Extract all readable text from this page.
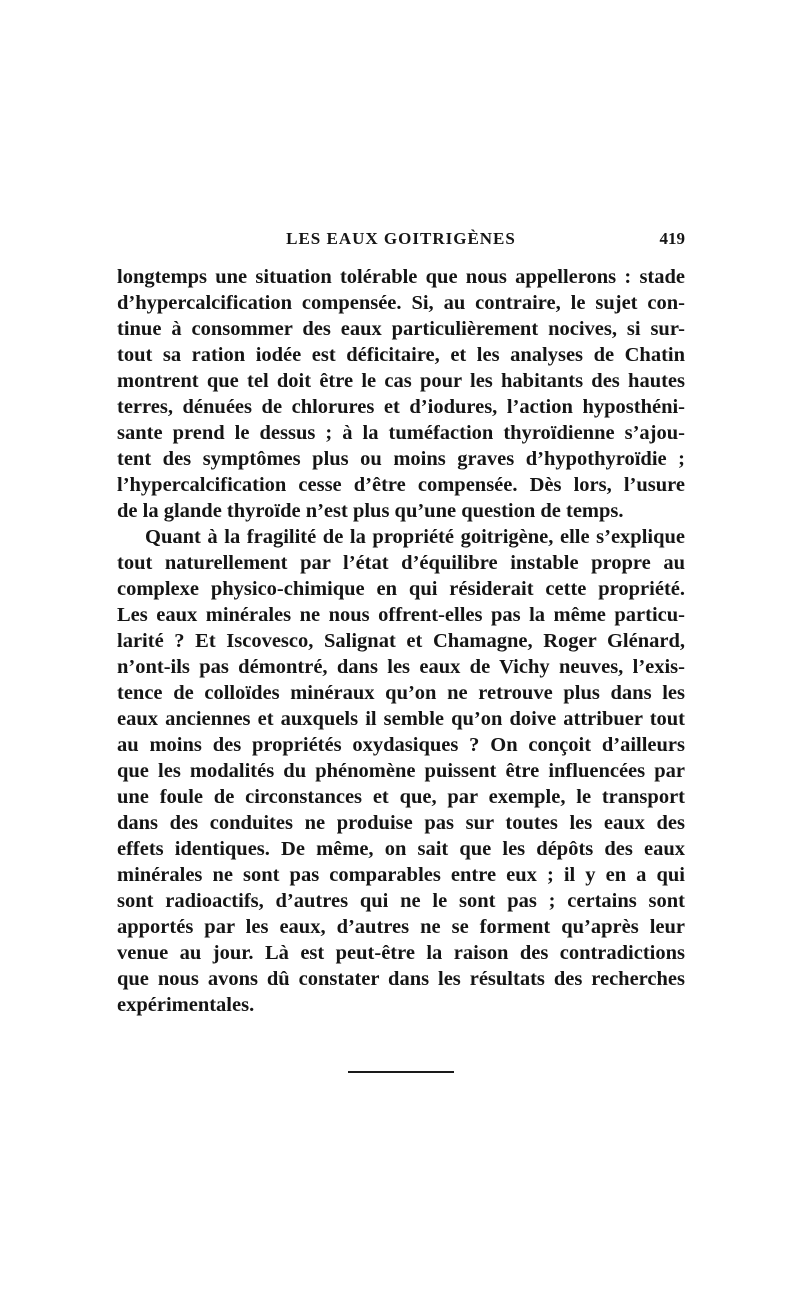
LES EAUX GOITRIGÈNES	419
longtemps une situation tolérable que nous appellerons : stade
d’hypercalcification compensée. Si, au contraire, le sujet con-
tinue à consommer des eaux particulièrement nocives, si sur-
tout sa ration iodée est déficitaire, et les analyses de Chatin
montrent que tel doit être le cas pour les habitants des hautes
terres, dénuées de chlorures et d’iodures, l’action hyposthéni-
sante prend le dessus ; à la tuméfaction thyroïdienne s’ajou-
tent des symptômes plus ou moins graves d’hypothyroïdie ;
l’hypercalcification cesse d’être compensée. Dès lors, l’usure
de la glande thyroïde n’est plus qu’une question de temps.
Quant à la fragilité de la propriété goitrigène, elle s’explique
tout naturellement par l’état d’équilibre instable propre au
complexe physico-chimique en qui résiderait cette propriété.
Les eaux minérales ne nous offrent-elles pas la même particu-
larité ? Et Iscovesco, Salignat et Chamagne, Roger Glénard,
n’ont-ils pas démontré, dans les eaux de Vichy neuves, l’exis-
tence de colloïdes minéraux qu’on ne retrouve plus dans les
eaux anciennes et auxquels il semble qu’on doive attribuer tout
au moins des propriétés oxydasiques ? On conçoit d’ailleurs
que les modalités du phénomène puissent être influencées par
une foule de circonstances et que, par exemple, le transport
dans des conduites ne produise pas sur toutes les eaux des
effets identiques. De même, on sait que les dépôts des eaux
minérales ne sont pas comparables entre eux ; il y en a qui
sont radioactifs, d’autres qui ne le sont pas ; certains sont
apportés par les eaux, d’autres ne se forment qu’après leur
venue au jour. Là est peut-être la raison des contradictions
que nous avons dû constater dans les résultats des recherches
expérimentales.
